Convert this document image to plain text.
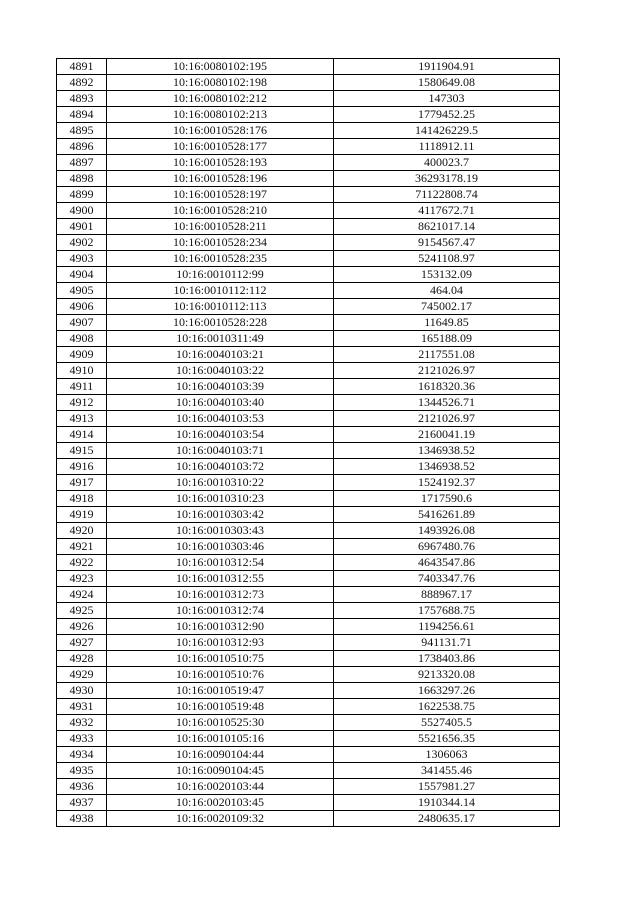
4891	10:16:0080102:195	1911904.91
4892	10:16:0080102:198	1580649.08
4893	10:16:0080102:212	147303
4894	10:16:0080102:213	1779452.25
4895	10:16:0010528:176	141426229.5
4896	10:16:0010528:177	1118912.11
4897	10:16:0010528:193	400023.7
4898	10:16:0010528:196	36293178.19
4899	10:16:0010528:197	71122808.74
4900	10:16:0010528:210	4117672.71
4901	10:16:0010528:211	8621017.14
4902	10:16:0010528:234	9154567.47
4903	10:16:0010528:235	5241108.97
4904	10:16:0010112:99	153132.09
4905	10:16:0010112:112	464.04
4906	10:16:0010112:113	745002.17
4907	10:16:0010528:228	11649.85
4908	10:16:0010311:49	165188.09
4909	10:16:0040103:21	2117551.08
4910	10:16:0040103:22	2121026.97
4911	10:16:0040103:39	1618320.36
4912	10:16:0040103:40	1344526.71
4913	10:16:0040103:53	2121026.97
4914	10:16:0040103:54	2160041.19
4915	10:16:0040103:71	1346938.52
4916	10:16:0040103:72	1346938.52
4917	10:16:0010310:22	1524192.37
4918	10:16:0010310:23	1717590.6
4919	10:16:0010303:42	5416261.89
4920	10:16:0010303:43	1493926.08
4921	10:16:0010303:46	6967480.76
4922	10:16:0010312:54	4643547.86
4923	10:16:0010312:55	7403347.76
4924	10:16:0010312:73	888967.17
4925	10:16:0010312:74	1757688.75
4926	10:16:0010312:90	1194256.61
4927	10:16:0010312:93	941131.71
4928	10:16:0010510:75	1738403.86
4929	10:16:0010510:76	9213320.08
4930	10:16:0010519:47	1663297.26
4931	10:16:0010519:48	1622538.75
4932	10:16:0010525:30	5527405.5
4933	10:16:0010105:16	5521656.35
4934	10:16:0090104:44	1306063
4935	10:16:0090104:45	341455.46
4936	10:16:0020103:44	1557981.27
4937	10:16:0020103:45	1910344.14
4938	10:16:0020109:32	2480635.17
